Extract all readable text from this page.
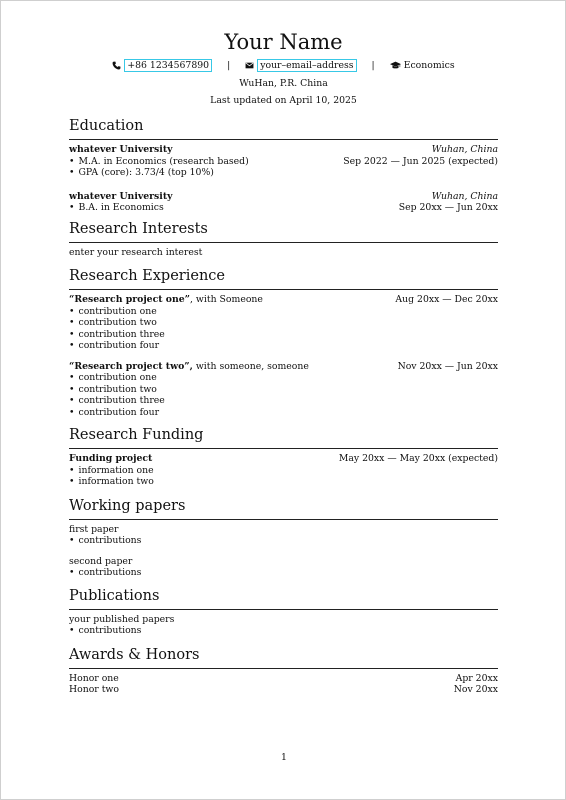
Your Name
+86 1234567890	|	your–email–address	|	Economics
WuHan, P.R. China
Last updated on April 10, 2025
Education
whatever University	Wuhan, China
• M.A. in Economics (research based)	Sep 2022 — Jun 2025 (expected)
• GPA (core): 3.73/4 (top 10%)
whatever University	Wuhan, China
• B.A. in Economics	Sep 20xx — Jun 20xx
Research Interests
enter your research interest
Research Experience
“Research project one”, with Someone	Aug 20xx — Dec 20xx
• contribution one
• contribution two
• contribution three
• contribution four
“Research project two”, with someone, someone	Nov 20xx — Jun 20xx
• contribution one
• contribution two
• contribution three
• contribution four
Research Funding
Funding project	May 20xx — May 20xx (expected)
• information one
• information two
Working papers
first paper
• contributions
second paper
• contributions
Publications
your published papers
• contributions
Awards & Honors
Honor one	Apr 20xx
Honor two	Nov 20xx
1
